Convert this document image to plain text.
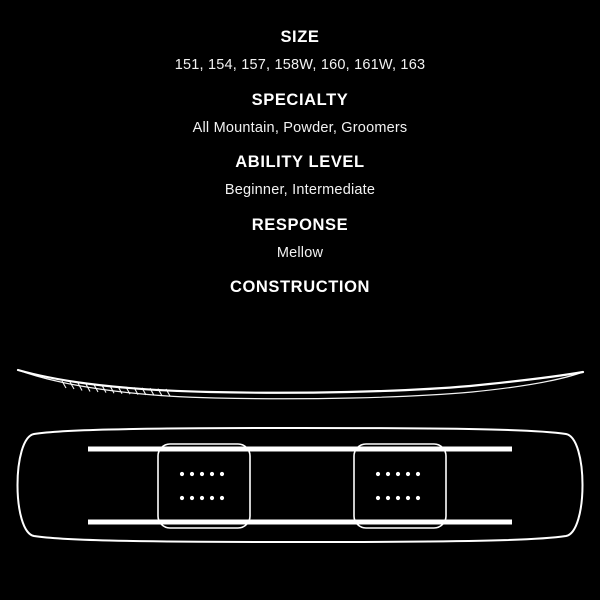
SIZE
151, 154, 157, 158W, 160, 161W, 163
SPECIALTY
All Mountain, Powder, Groomers
ABILITY LEVEL
Beginner, Intermediate
RESPONSE
Mellow
CONSTRUCTION
